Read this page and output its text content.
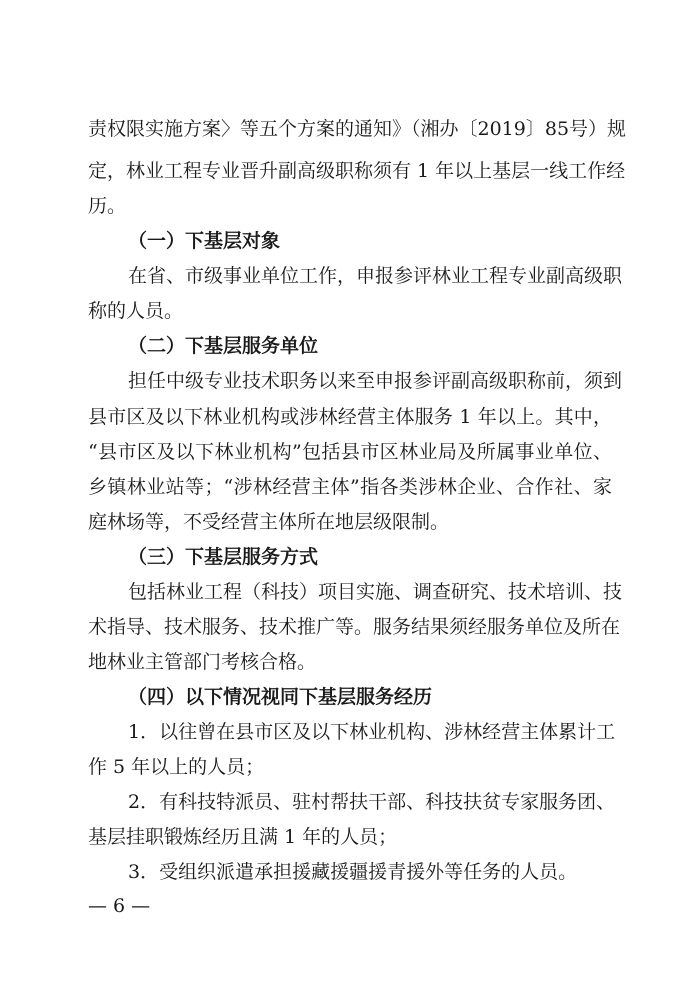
责权限实施方案〉等五个方案的通知》（湘办〔2019〕85号）规
定，林业工程专业晋升副高级职称须有 1 年以上基层一线工作经
历。
（一）下基层对象
在省、市级事业单位工作，申报参评林业工程专业副高级职
称的人员。
（二）下基层服务单位
担任中级专业技术职务以来至申报参评副高级职称前，须到
县市区及以下林业机构或涉林经营主体服务 1 年以上。其中，
“县市区及以下林业机构”包括县市区林业局及所属事业单位、
乡镇林业站等；“涉林经营主体”指各类涉林企业、合作社、家
庭林场等，不受经营主体所在地层级限制。
（三）下基层服务方式
包括林业工程（科技）项目实施、调查研究、技术培训、技
术指导、技术服务、技术推广等。服务结果须经服务单位及所在
地林业主管部门考核合格。
（四）以下情况视同下基层服务经历
1．以往曾在县市区及以下林业机构、涉林经营主体累计工
作 5 年以上的人员；
2．有科技特派员、驻村帮扶干部、科技扶贫专家服务团、
基层挂职锻炼经历且满 1 年的人员；
3．受组织派遣承担援藏援疆援青援外等任务的人员。
— 6 —
